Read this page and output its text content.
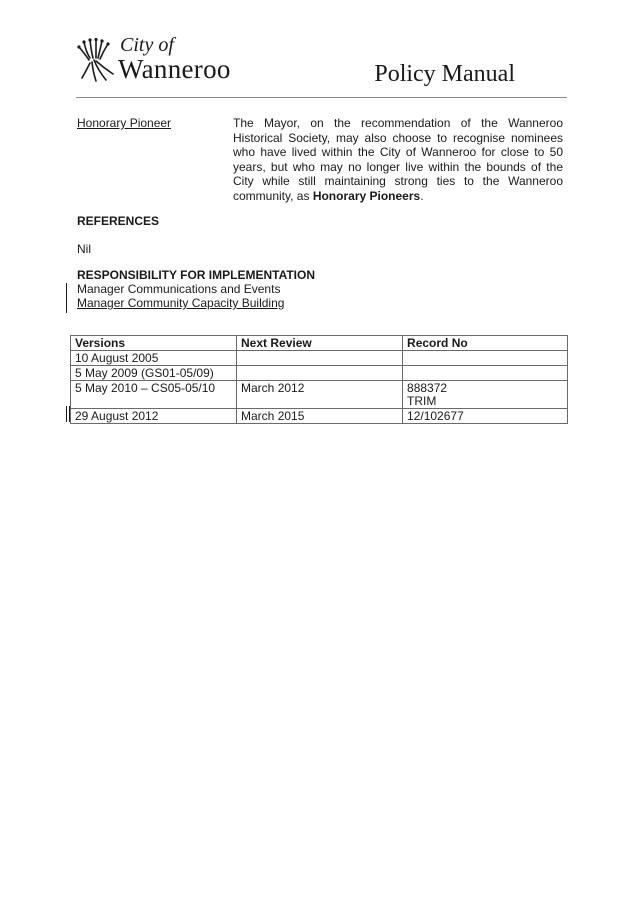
City of
Wanneroo	Policy Manual
Honorary Pioneer	The Mayor, on the recommendation of the Wanneroo Historical Society, may also choose to recognise nominees who have lived within the City of Wanneroo for close to 50 years, but who may no longer live within the bounds of the City while still maintaining strong ties to the Wanneroo community, as Honorary Pioneers.
REFERENCES
Nil
RESPONSIBILITY FOR IMPLEMENTATION
Manager Communications and Events
Manager Community Capacity Building
Versions	Next Review	Record No
10 August 2005		
5 May 2009 (GS01-05/09)		

5 May 2010 – CS05-05/10	March 2012	888372
TRIM

29 August 2012	March 2015	12/102677
